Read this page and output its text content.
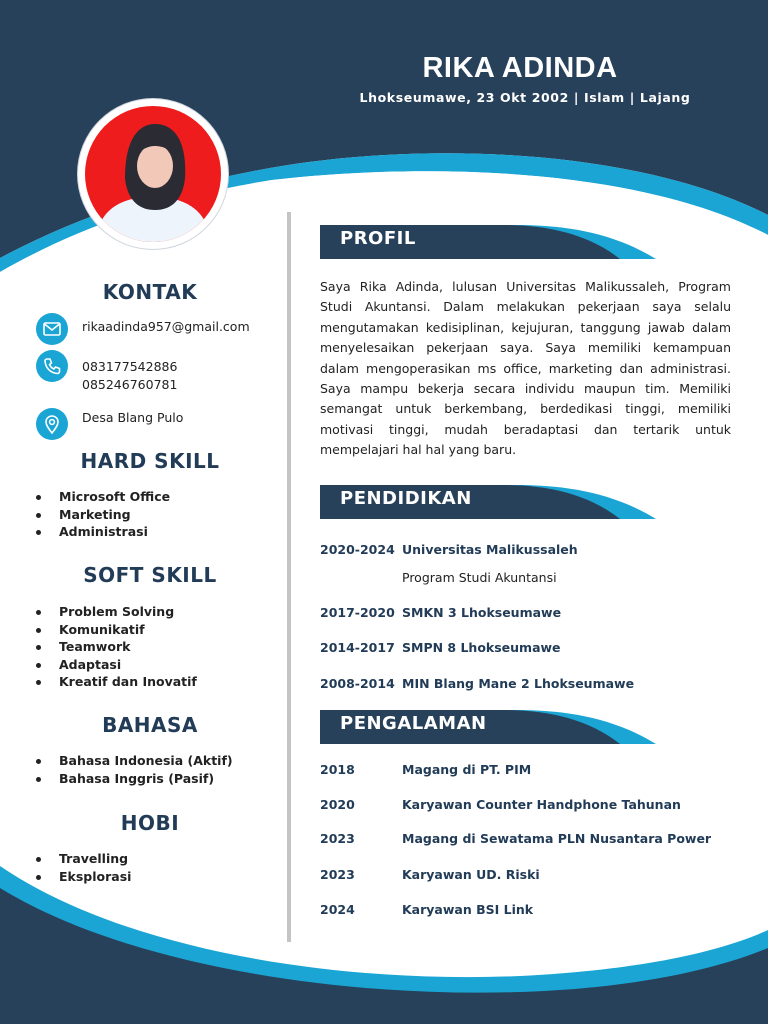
RIKA ADINDA
Lhokseumawe, 23 Okt 2002 | Islam | Lajang
KONTAK
rikaadinda957@gmail.com
083177542886
085246760781
Desa Blang Pulo
HARD SKILL
Microsoft Office
Marketing
Administrasi
SOFT SKILL
Problem Solving
Komunikatif
Teamwork
Adaptasi
Kreatif dan Inovatif
BAHASA
Bahasa Indonesia (Aktif)
Bahasa Inggris (Pasif)
HOBI
Travelling
Eksplorasi
PROFIL

Saya Rika Adinda, lulusan Universitas Malikussaleh, Program Studi Akuntansi. Dalam melakukan pekerjaan saya selalu mengutamakan kedisiplinan, kejujuran, tanggung jawab dalam menyelesaikan pekerjaan saya. Saya memiliki kemampuan dalam mengoperasikan ms office, marketing dan administrasi. Saya mampu bekerja secara individu maupun tim. Memiliki semangat untuk berkembang, berdedikasi tinggi, memiliki motivasi tinggi, mudah beradaptasi dan tertarik untuk mempelajari hal hal yang baru.

PENDIDIKAN
2020-2024 Universitas Malikussaleh
Program Studi Akuntansi
2017-2020 SMKN 3 Lhokseumawe
2014-2017 SMPN 8 Lhokseumawe
2008-2014 MIN Blang Mane 2 Lhokseumawe
PENGALAMAN
2018	Magang di PT. PIM
2020	Karyawan Counter Handphone Tahunan
2023	Magang di Sewatama PLN Nusantara Power
2023	Karyawan UD. Riski
2024	Karyawan BSI Link
